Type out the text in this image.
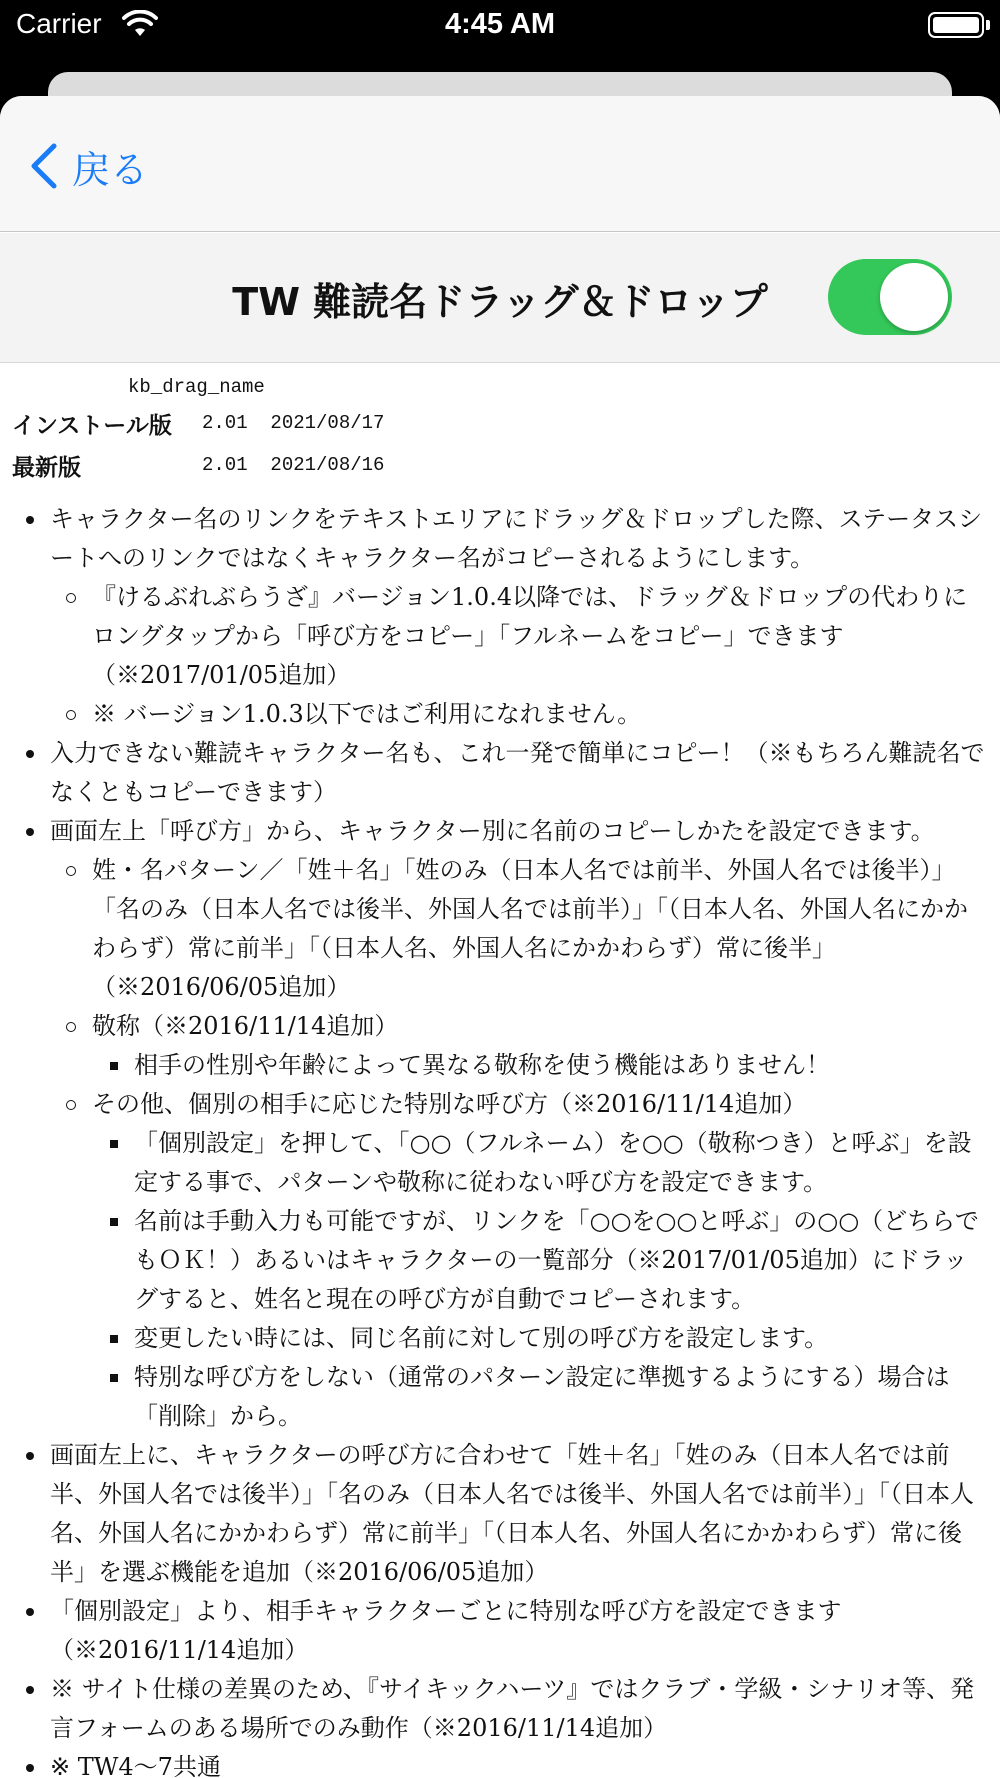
Carrier	4:45 AM
戻る
TW 難読名ドラッグ＆ドロップ
kb_drag_name
インストール版	2.01  2021/08/17
最新版	2.01  2021/08/16
キャラクター名のリンクをテキストエリアにドラッグ＆ドロップした際、ステータスシートへのリンクではなくキャラクター名がコピーされるようにします。
『けるぶれぶらうざ』バージョン1.0.4以降では、ドラッグ＆ドロップの代わりにロングタップから「呼び方をコピー」「フルネームをコピー」できます（※2017/01/05追加）
※ バージョン1.0.3以下ではご利用になれません。
入力できない難読キャラクター名も、これ一発で簡単にコピー！（※もちろん難読名でなくともコピーできます）
画面左上「呼び方」から、キャラクター別に名前のコピーしかたを設定できます。
姓・名パターン／「姓＋名」「姓のみ（日本人名では前半、外国人名では後半）」「名のみ（日本人名では後半、外国人名では前半）」「（日本人名、外国人名にかかわらず）常に前半」「（日本人名、外国人名にかかわらず）常に後半」（※2016/06/05追加）
敬称（※2016/11/14追加）
相手の性別や年齢によって異なる敬称を使う機能はありません！
その他、個別の相手に応じた特別な呼び方（※2016/11/14追加）
「個別設定」を押して、「○○（フルネーム）を○○（敬称つき）と呼ぶ」を設定する事で、パターンや敬称に従わない呼び方を設定できます。
名前は手動入力も可能ですが、リンクを「○○を○○と呼ぶ」の○○（どちらでもＯＫ！）あるいはキャラクターの一覧部分（※2017/01/05追加）にドラッグすると、姓名と現在の呼び方が自動でコピーされます。
変更したい時には、同じ名前に対して別の呼び方を設定します。
特別な呼び方をしない（通常のパターン設定に準拠するようにする）場合は「削除」から。
画面左上に、キャラクターの呼び方に合わせて「姓＋名」「姓のみ（日本人名では前半、外国人名では後半）」「名のみ（日本人名では後半、外国人名では前半）」「（日本人名、外国人名にかかわらず）常に前半」「（日本人名、外国人名にかかわらず）常に後半」を選ぶ機能を追加（※2016/06/05追加）
「個別設定」より、相手キャラクターごとに特別な呼び方を設定できます（※2016/11/14追加）
※ サイト仕様の差異のため、『サイキックハーツ』ではクラブ・学級・シナリオ等、発言フォームのある場所でのみ動作（※2016/11/14追加）
※ TW4～7共通
